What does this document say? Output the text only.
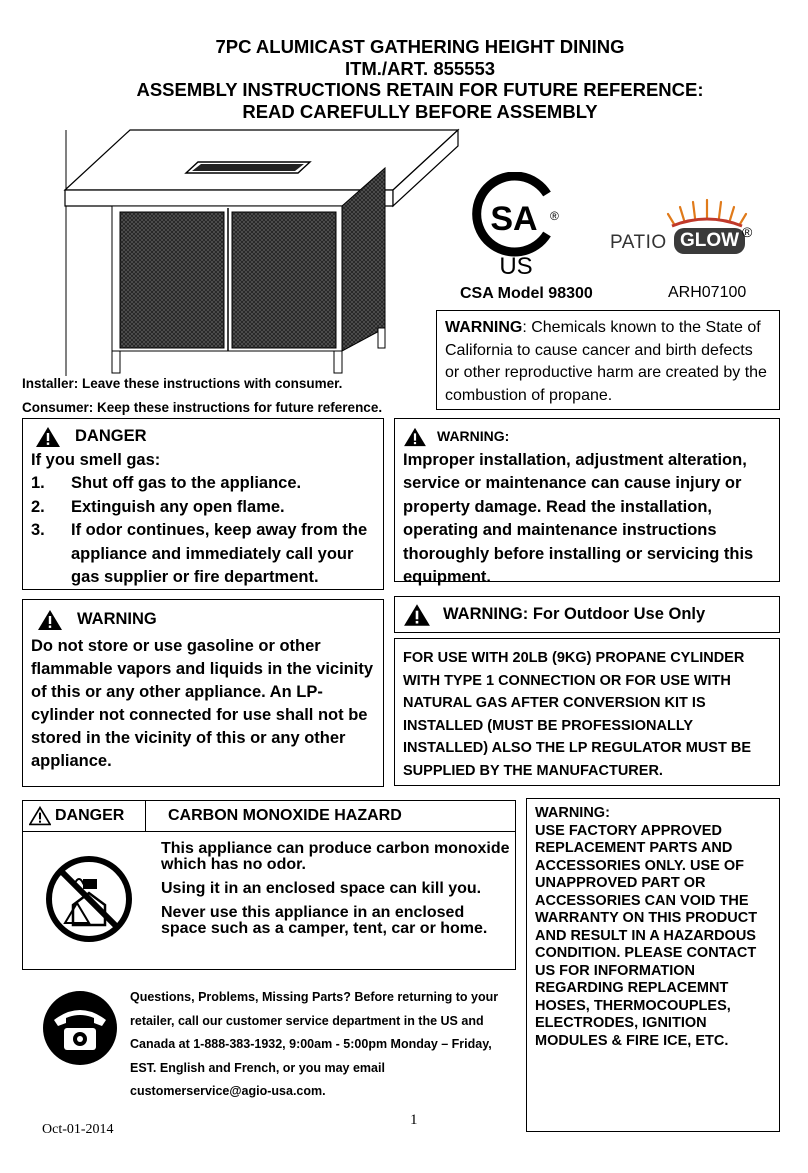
7PC ALUMICAST GATHERING HEIGHT DINING
ITM./ART. 855553
ASSEMBLY INSTRUCTIONS RETAIN FOR FUTURE REFERENCE:
READ CAREFULLY BEFORE ASSEMBLY
SA ®
US
PATIO GLOW ®
CSA Model 98300	ARH07100
WARNING: Chemicals known to the State of California to cause cancer and birth defects or other reproductive harm are created by the combustion of propane.
Installer: Leave these instructions with consumer.
Consumer: Keep these instructions for future reference.
DANGER
If you smell gas:
1. Shut off gas to the appliance.
2. Extinguish any open flame.
3. If odor continues, keep away from the appliance and immediately call your gas supplier or fire department.
WARNING:
Improper installation, adjustment alteration, service or maintenance can cause injury or property damage. Read the installation, operating and maintenance instructions thoroughly before installing or servicing this equipment.
WARNING
Do not store or use gasoline or other flammable vapors and liquids in the vicinity of this or any other appliance. An LP-cylinder not connected for use shall not be stored in the vicinity of this or any other appliance.
WARNING: For Outdoor Use Only
FOR USE WITH 20LB (9KG) PROPANE CYLINDER WITH TYPE 1 CONNECTION OR FOR USE WITH NATURAL GAS AFTER CONVERSION KIT IS INSTALLED (MUST BE PROFESSIONALLY INSTALLED) ALSO THE LP REGULATOR MUST BE SUPPLIED BY THE MANUFACTURER.
DANGER	CARBON MONOXIDE HAZARD
This appliance can produce carbon monoxide which has no odor.
Using it in an enclosed space can kill you.
Never use this appliance in an enclosed space such as a camper, tent, car or home.
WARNING:
USE FACTORY APPROVED REPLACEMENT PARTS AND ACCESSORIES ONLY. USE OF UNAPPROVED PART OR ACCESSORIES CAN VOID THE WARRANTY ON THIS PRODUCT AND RESULT IN A HAZARDOUS CONDITION. PLEASE CONTACT US FOR INFORMATION REGARDING REPLACEMNT HOSES, THERMOCOUPLES, ELECTRODES, IGNITION MODULES & FIRE ICE, ETC.
Questions, Problems, Missing Parts? Before returning to your retailer, call our customer service department in the US and Canada at 1-888-383-1932, 9:00am - 5:00pm Monday – Friday, EST. English and French, or you may email customerservice@agio-usa.com.
Oct-01-2014
1
